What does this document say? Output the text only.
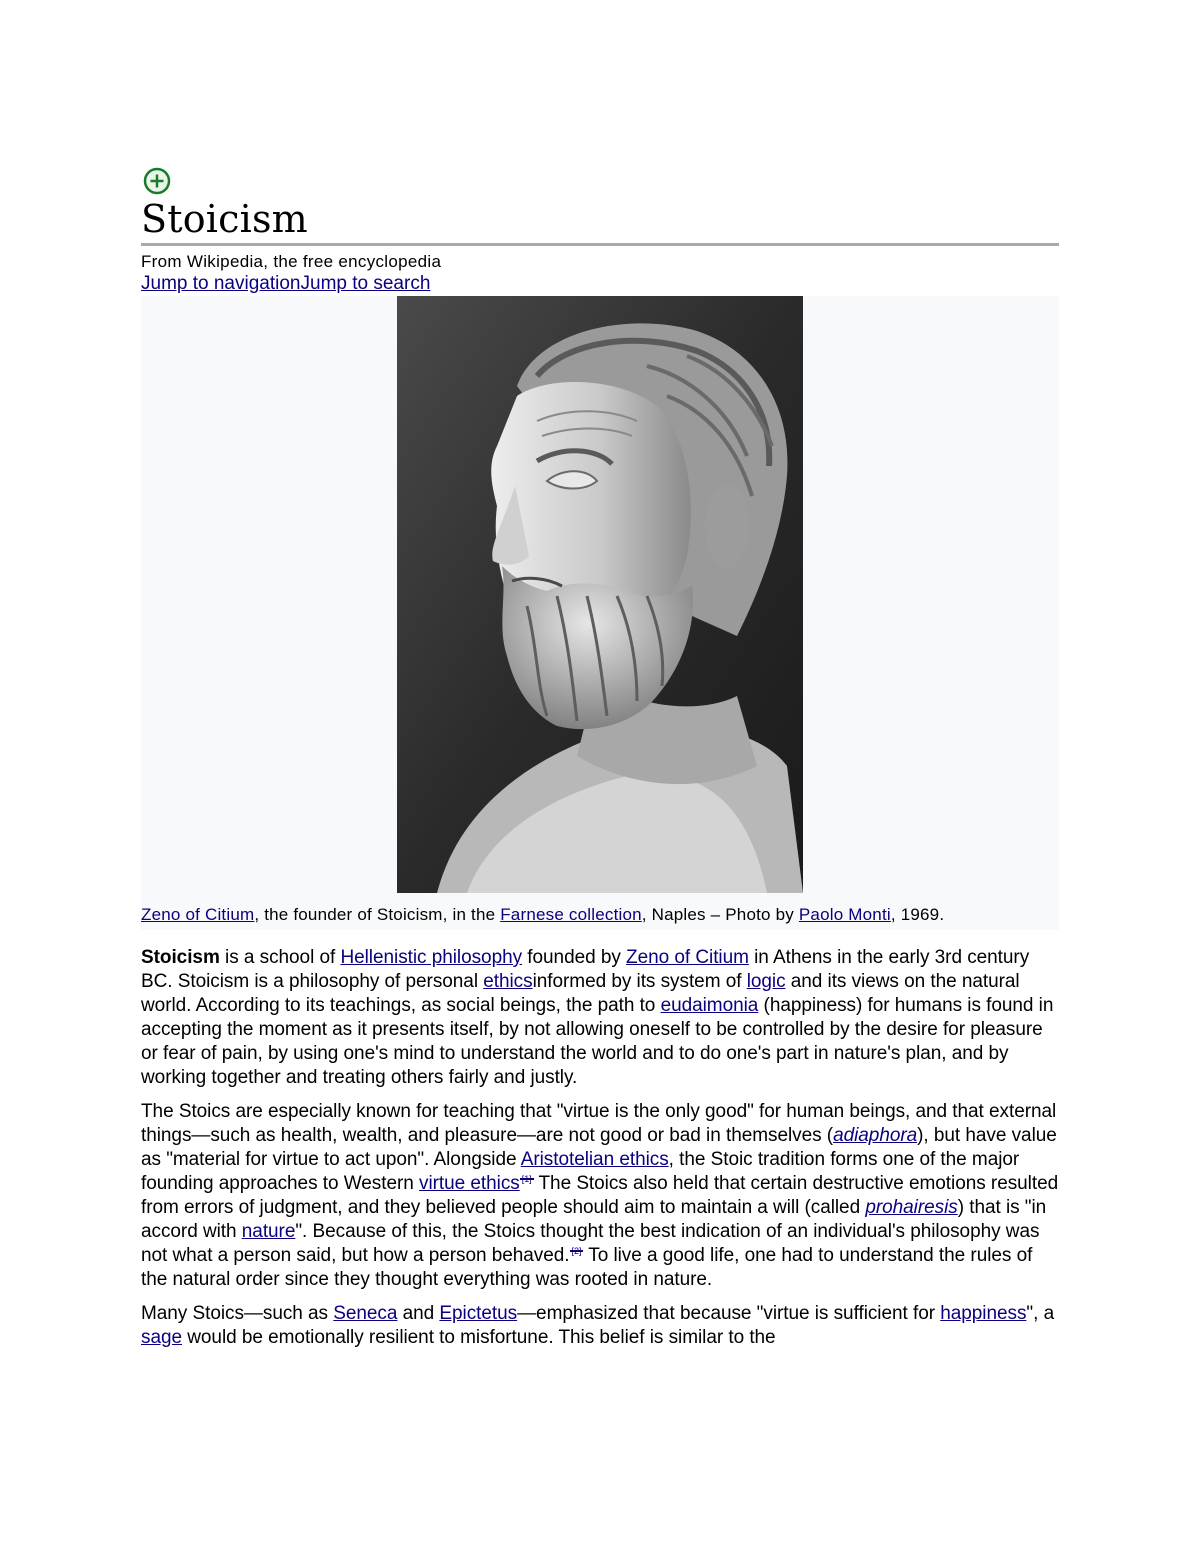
Stoicism
From Wikipedia, the free encyclopedia
Jump to navigationJump to search
Zeno of Citium, the founder of Stoicism, in the Farnese collection, Naples – Photo by Paolo Monti, 1969.

Stoicism is a school of Hellenistic philosophy founded by Zeno of Citium in Athens in the early 3rd century BC. Stoicism is a philosophy of personal ethicsinformed by its system of logic and its views on the natural world. According to its teachings, as social beings, the path to eudaimonia (happiness) for humans is found in accepting the moment as it presents itself, by not allowing oneself to be controlled by the desire for pleasure or fear of pain, by using one's mind to understand the world and to do one's part in nature's plan, and by working together and treating others fairly and justly.

The Stoics are especially known for teaching that "virtue is the only good" for human beings, and that external things—such as health, wealth, and pleasure—are not good or bad in themselves (adiaphora), but have value as "material for virtue to act upon". Alongside Aristotelian ethics, the Stoic tradition forms one of the major founding approaches to Western virtue ethics [1] The Stoics also held that certain destructive emotions resulted from errors of judgment, and they believed people should aim to maintain a will (called prohairesis) that is "in accord with nature". Because of this, the Stoics thought the best indication of an individual's philosophy was not what a person said, but how a person behaved. [2] To live a good life, one had to understand the rules of the natural order since they thought everything was rooted in nature.

Many Stoics—such as Seneca and Epictetus—emphasized that because "virtue is sufficient for happiness", a sage would be emotionally resilient to misfortune. This belief is similar to the
